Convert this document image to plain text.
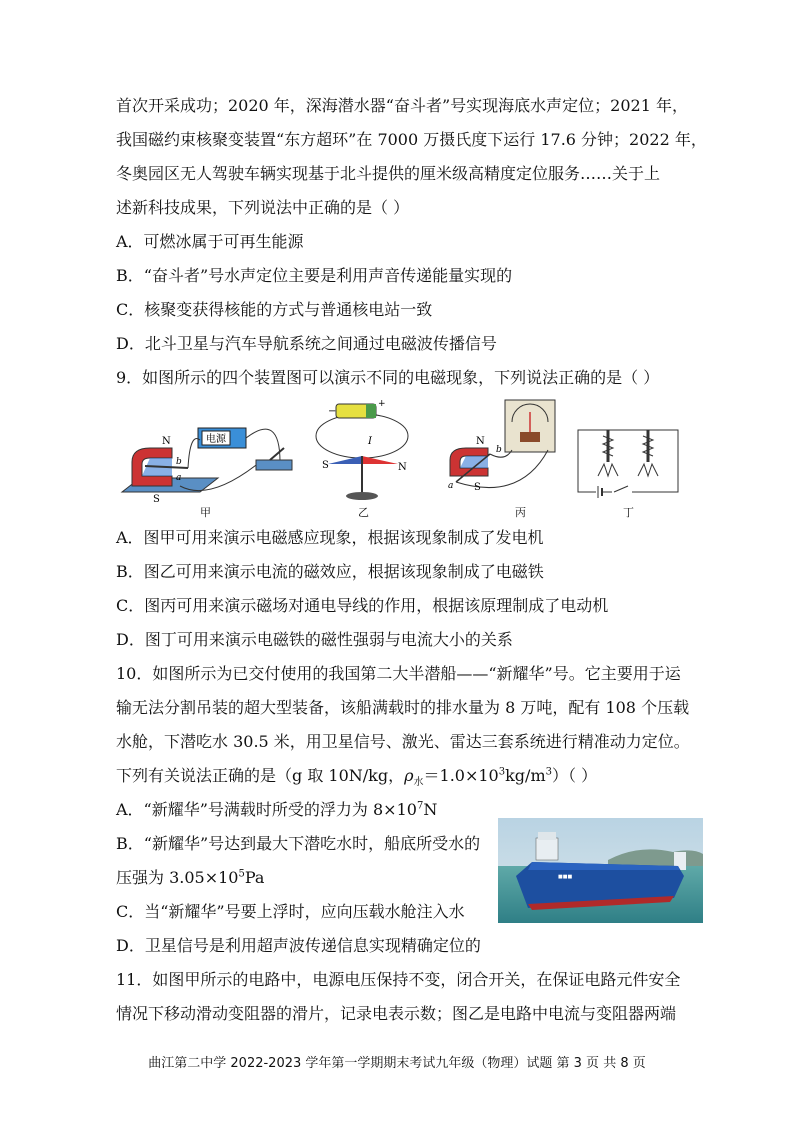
首次开采成功；2020 年，深海潜水器“奋斗者”号实现海底水声定位；2021 年，
我国磁约束核聚变装置“东方超环”在 7000 万摄氏度下运行 17.6 分钟；2022 年，
冬奥园区无人驾驶车辆实现基于北斗提供的厘米级高精度定位服务……关于上
述新科技成果，下列说法中正确的是（ ）
A．可燃冰属于可再生能源
B．“奋斗者”号水声定位主要是利用声音传递能量实现的
C．核聚变获得核能的方式与普通核电站一致
D．北斗卫星与汽车导航系统之间通过电磁波传播信号
9．如图所示的四个装置图可以演示不同的电磁现象，下列说法正确的是（ ）
N
S
b
a
电源
−
+
I
S	N
N
S
a
b
甲	乙	丙	丁
A．图甲可用来演示电磁感应现象，根据该现象制成了发电机
B．图乙可用来演示电流的磁效应，根据该现象制成了电磁铁
C．图丙可用来演示磁场对通电导线的作用，根据该原理制成了电动机
D．图丁可用来演示电磁铁的磁性强弱与电流大小的关系
10．如图所示为已交付使用的我国第二大半潜船——“新耀华”号。它主要用于运
输无法分割吊装的超大型装备，该船满载时的排水量为 8 万吨，配有 108 个压载
水舱，下潜吃水 30.5 米，用卫星信号、激光、雷达三套系统进行精准动力定位。
下列有关说法正确的是（g 取 10N/kg，$\rho_水=1.0\times 10^3kg/m^3$）（ ）
A．“新耀华”号满载时所受的浮力为 $8\times 10^7N$
B．“新耀华”号达到最大下潜吃水时，船底所受水的
压强为 $3.05\times 10^5Pa$
C．当“新耀华”号要上浮时，应向压载水舱注入水
D．卫星信号是利用超声波传递信息实现精确定位的
■■■
11．如图甲所示的电路中，电源电压保持不变，闭合开关，在保证电路元件安全
情况下移动滑动变阻器的滑片，记录电表示数；图乙是电路中电流与变阻器两端
曲江第二中学 2022-2023 学年第一学期期末考试九年级（物理）试题 第 3 页 共 8 页
